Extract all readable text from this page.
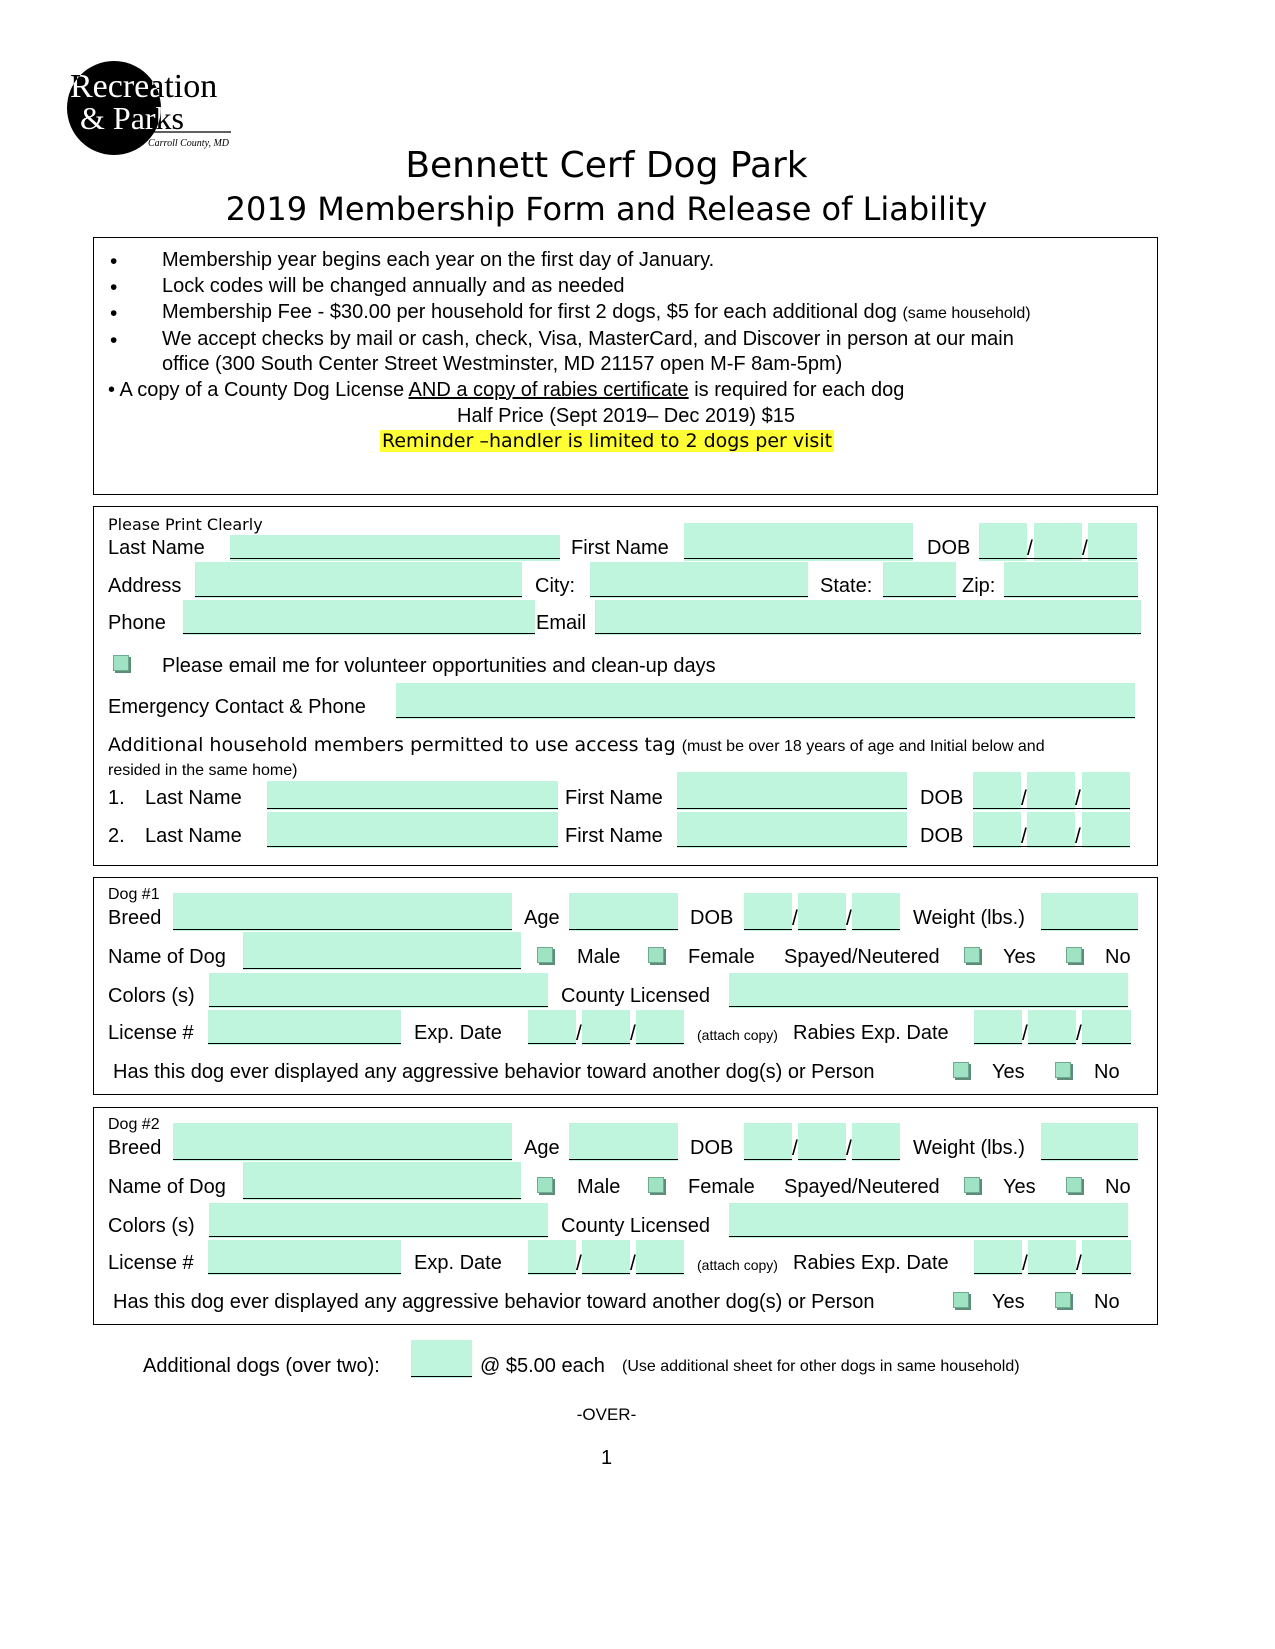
Recreation
& Parks
Carroll County, MD
Bennett Cerf Dog Park
2019 Membership Form and Release of Liability
• Membership year begins each year on the first day of January.
• Lock codes will be changed annually and as needed
• Membership Fee - $30.00 per household for first 2 dogs, $5 for each additional dog (same household)
• We accept checks by mail or cash, check, Visa, MasterCard, and Discover in person at our main
office (300 South Center Street Westminster, MD 21157 open M-F 8am-5pm)
• A copy of a County Dog License AND a copy of rabies certificate is required for each dog
Half Price (Sept 2019– Dec 2019) $15
Reminder –handler is limited to 2 dogs per visit
Please Print Clearly
Last Name	First Name	DOB	/ /
Address	City:	State:	Zip:
Phone	Email
Please email me for volunteer opportunities and clean-up days
Emergency Contact & Phone
Additional household members permitted to use access tag (must be over 18 years of age and Initial below and
resided in the same home)
1. Last Name	First Name	DOB	/ /
2. Last Name	First Name	DOB	/ /
Dog #1
Breed	Age	DOB	/ /	Weight (lbs.)
Name of Dog	Male	Female Spayed/Neutered	Yes	No
Colors (s)	County Licensed
License #	Exp. Date	/ /	(attach copy) Rabies Exp. Date	/ /
Has this dog ever displayed any aggressive behavior toward another dog(s) or Person	Yes	No
Dog #2
Breed	Age	DOB	/ /	Weight (lbs.)
Name of Dog	Male	Female Spayed/Neutered	Yes	No
Colors (s)	County Licensed
License #	Exp. Date	/ /	(attach copy) Rabies Exp. Date	/ /
Has this dog ever displayed any aggressive behavior toward another dog(s) or Person	Yes	No
Additional dogs (over two):	@ $5.00 each (Use additional sheet for other dogs in same household)
-OVER-
1
